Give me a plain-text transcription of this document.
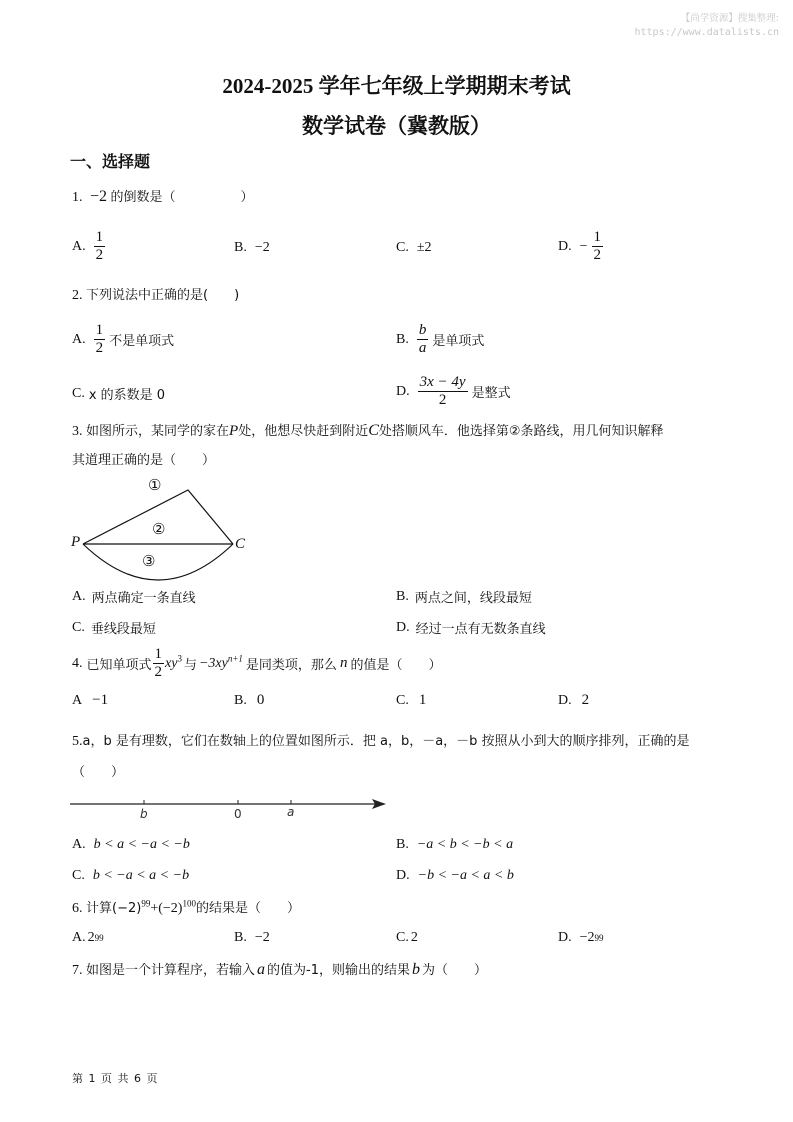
【尚学资源】搜集整理:
https://www.datalists.cn
2024-2025 学年七年级上学期期末考试
数学试卷（冀教版）
一、选择题
1. −2 的倒数是（　　　　　）
A. $\frac{1}{2}$	B. −2	C. ±2	D. − $\frac{1}{2}$
2. 下列说法中正确的是(　　)
A. $\frac{1}{2}$ 不是单项式	B. $\frac{b}{a}$ 是单项式
C. x 的系数是 0	D. $\frac{3x - 4y}{2}$ 是整式
3. 如图所示，某同学的家在P处，他想尽快赶到附近C处搭顺风车．他选择第②条路线，用几何知识解释
其道理正确的是（　　）
P	C
①
②
③
A. 两点确定一条直线	B. 两点之间，线段最短
C. 垂线段最短	D. 经过一点有无数条直线
4. 已知单项式 $\frac{1}{2} xy^3$
与 $-3xy^{n+1}$
是同类项，那么 n 的值是（　　）
A −1	B. 0	C. 1	D. 2
5.a，b 是有理数，它们在数轴上的位置如图所示．把 a，b，－a，－b 按照从小到大的顺序排列，正确的是
（　　）
b	0	a
A. b < a < −a < −b	B. −a < b < −b < a
C. b < −a < a < −b	D. −b < −a < a < b
6. 计算$(-2)^{99}+(-2)^{100}$的结果是（　　）
A. 2 99	B. −2	C. 2	D. −2 99
7. 如图是一个计算程序，若输入 a 的值为-1，则输出的结果 b 为（　　）
第 1 页 共 6 页
